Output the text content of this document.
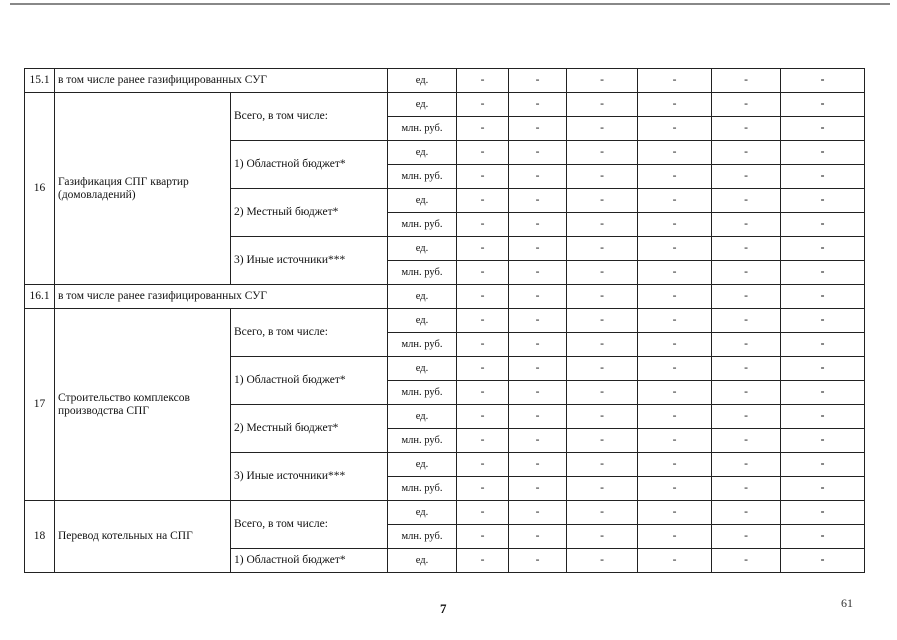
15.1	в том числе ранее газифицированных СУГ		ед.	-	-	-	-	-	-
16	Газификация СПГ квартир (домовладений)	Всего, в том числе:	ед.	-	-	-	-	-	-
			млн. руб.	-	-	-	-	-	-
		1) Областной бюджет*	ед.	-	-	-	-	-	-
			млн. руб.	-	-	-	-	-	-
		2) Местный бюджет*	ед.	-	-	-	-	-	-
			млн. руб.	-	-	-	-	-	-
		3) Иные источники***	ед.	-	-	-	-	-	-
			млн. руб.	-	-	-	-	-	-
16.1	в том числе ранее газифицированных СУГ		ед.	-	-	-	-	-	-
17	Строительство комплексов производства СПГ	Всего, в том числе:	ед.	-	-	-	-	-	-
			млн. руб.	-	-	-	-	-	-
		1) Областной бюджет*	ед.	-	-	-	-	-	-
			млн. руб.	-	-	-	-	-	-
		2) Местный бюджет*	ед.	-	-	-	-	-	-
			млн. руб.	-	-	-	-	-	-
		3) Иные источники***	ед.	-	-	-	-	-	-
			млн. руб.	-	-	-	-	-	-
18	Перевод котельных на СПГ	Всего, в том числе:	ед.	-	-	-	-	-	-
			млн. руб.	-	-	-	-	-	-
		1) Областной бюджет*	ед.	-	-	-	-	-	-
7	61
